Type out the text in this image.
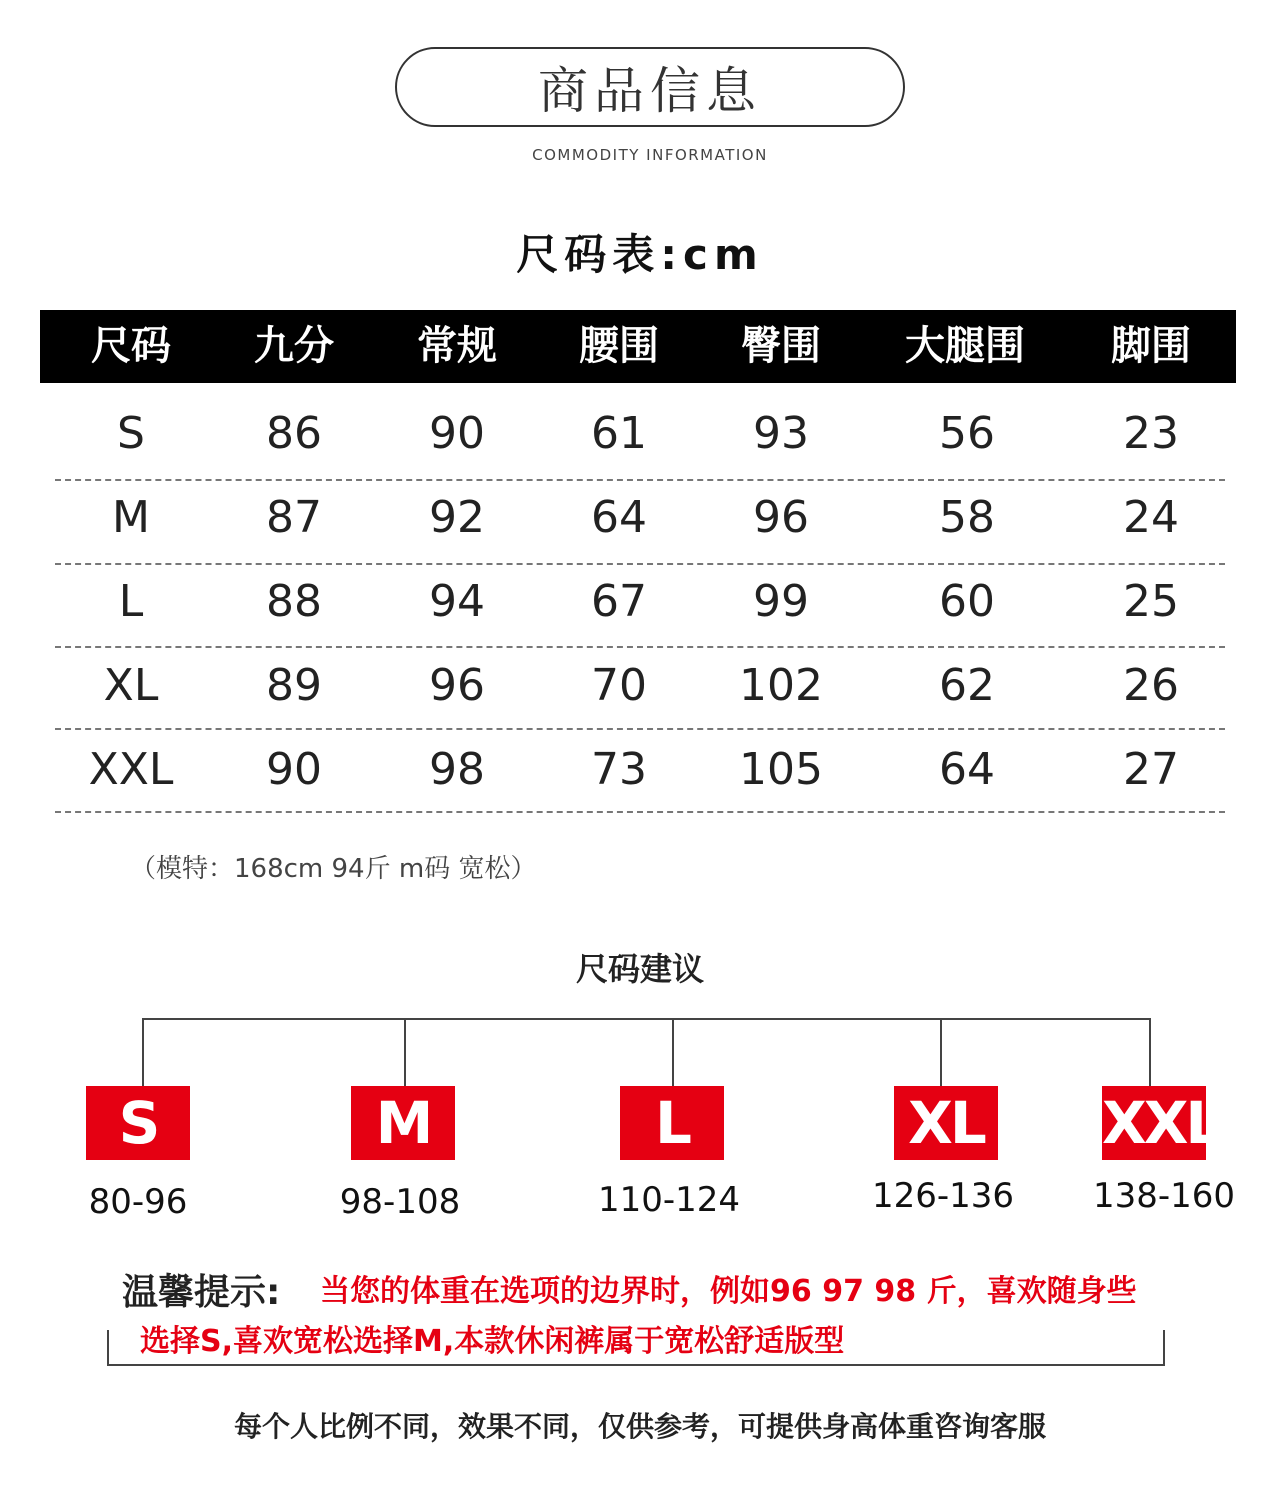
商品信息
COMMODITY INFORMATION
尺码表:cm
尺码 九分 常规 腰围 臀围 大腿围 脚围
S	86 90 61 93	56	23
M	87 92 64 96	58	24
L	88 94 67 99	60	25
XL 89 96 70 102	62	26
XXL 90 98 73 105	64	27
（模特：168cm 94斤 m码 宽松）
尺码建议
S	M	L	XL XXL
80-96	98-108	110-124	126-136	138-160
温馨提示: 当您的体重在选项的边界时，例如96 97 98 斤，喜欢随身些
选择S,喜欢宽松选择M,本款休闲裤属于宽松舒适版型
每个人比例不同，效果不同，仅供参考，可提供身高体重咨询客服
